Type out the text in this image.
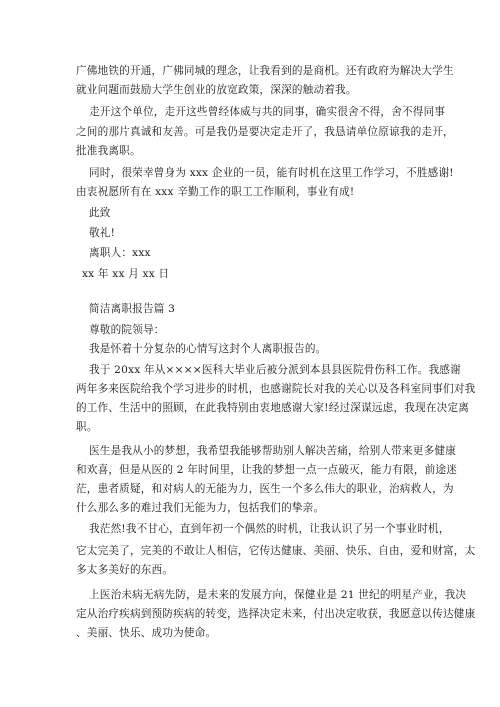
广佛地铁的开通，广佛同城的理念，让我看到的是商机。还有政府为解决大学生
就业问题而鼓励大学生创业的放宽政策，深深的触动着我。
走开这个单位，走开这些曾经体威与共的同事，确实很舍不得，舍不得同事
之间的那片真诚和友善。可是我仍是要决定走开了，我恳请单位原谅我的走开，
批准我离职。
同时，很荣幸曾身为 xxx 企业的一员，能有时机在这里工作学习，不胜感谢!
由衷祝愿所有在 xxx 辛勤工作的职工工作顺利，事业有成!
此致
敬礼!
离职人：xxx
xx 年 xx 月 xx 日
简洁离职报告篇 3
尊敬的院领导：
我是怀着十分复杂的心情写这封个人离职报告的。
我于 20xx 年从××××医科大毕业后被分派到本县县医院骨伤科工作。我感谢
两年多来医院给我个学习进步的时机，也感谢院长对我的关心以及各科室同事们对我
的工作、生活中的照顾，在此我特别由衷地感谢大家!经过深谋远虑，我现在决定离
职。
医生是我从小的梦想，我希望我能够帮助别人解决苦痛，给别人带来更多健康
和欢喜，但是从医的 2 年时间里，让我的梦想一点一点破灭，能力有限，前途迷
茫，患者质疑，和对病人的无能为力，医生一个多么伟大的职业，治病救人，为
什么那么多的难过我们无能为力，包括我们的挚亲。
我茫然!我不甘心，直到年初一个偶然的时机，让我认识了另一个事业时机，
它太完美了，完美的不敢让人相信，它传达健康、美丽、快乐、自由，爱和财富，太
多太多美好的东西。
上医治未病无病先防，是未来的发展方向，保健业是 21 世纪的明星产业，我决
定从治疗疾病到预防疾病的转变，选择决定未来，付出决定收获，我愿意以传达健康
、美丽、快乐、成功为使命。
